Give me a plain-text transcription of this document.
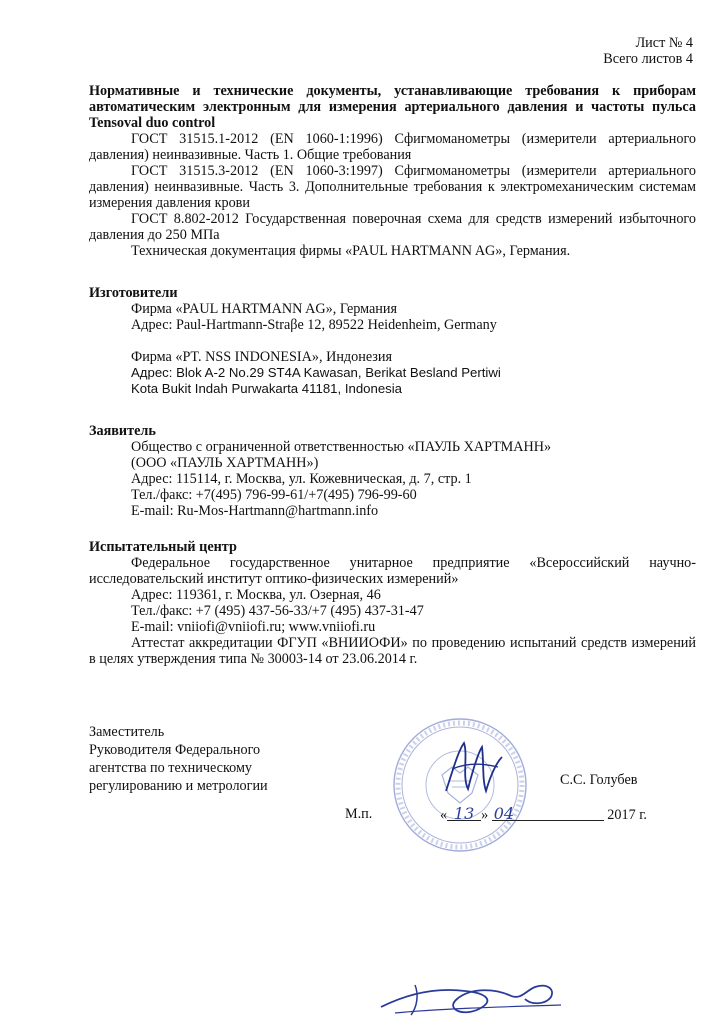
Лист № 4
Всего листов 4
Нормативные и технические документы, устанавливающие требования к приборам автоматическим электронным для измерения артериального давления и частоты пульса Tensoval duo control
ГОСТ 31515.1-2012 (EN 1060-1:1996) Сфигмоманометры (измерители артериального давления) неинвазивные. Часть 1. Общие требования
ГОСТ 31515.3-2012 (EN 1060-3:1997) Сфигмоманометры (измерители артериального давления) неинвазивные. Часть 3. Дополнительные требования к электромеханическим системам измерения давления крови
ГОСТ 8.802-2012 Государственная поверочная схема для средств измерений избыточного давления до 250 МПа
Техническая документация фирмы «PAUL HARTMANN AG», Германия.
Изготовители
Фирма «PAUL HARTMANN AG», Германия
Адрес: Paul-Hartmann-Straβe 12, 89522 Heidenheim, Germany
Фирма «PT. NSS INDONESIA», Индонезия
Адрес: Blok A-2 No.29 ST4A Kawasan, Berikat Besland Pertiwi
Kota Bukit Indah Purwakarta 41181, Indonesia
Заявитель
Общество с ограниченной ответственностью «ПАУЛЬ ХАРТМАНН»
(ООО «ПАУЛЬ ХАРТМАНН»)
Адрес: 115114, г. Москва, ул. Кожевническая, д. 7, стр. 1
Тел./факс: +7(495) 796-99-61/+7(495) 796-99-60
E-mail: Ru-Mos-Hartmann@hartmann.info
Испытательный центр
Федеральное государственное унитарное предприятие «Всероссийский научно-исследовательский институт оптико-физических измерений»
Адрес: 119361, г. Москва, ул. Озерная, 46
Тел./факс: +7 (495) 437-56-33/+7 (495) 437-31-47
E-mail: vniiofi@vniiofi.ru; www.vniiofi.ru
Аттестат аккредитации ФГУП «ВНИИОФИ» по проведению испытаний средств измерений в целях утверждения типа № 30003-14 от 23.06.2014 г.
Заместитель
Руководителя Федерального
агентства по техническому
регулированию и метрологии	С.С. Голубев
М.п.	« 13 » 04	2017 г.
